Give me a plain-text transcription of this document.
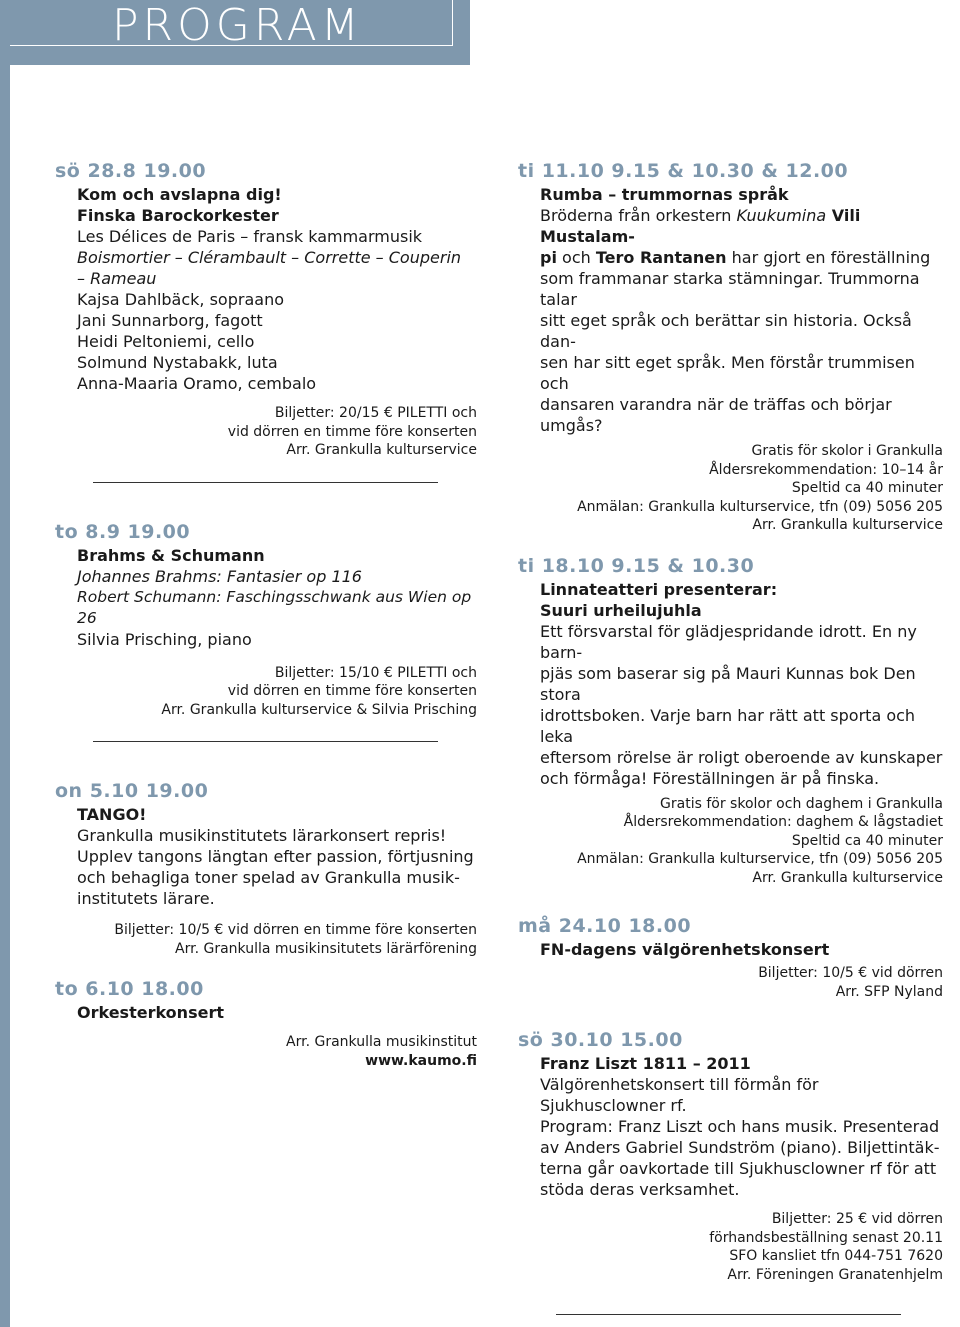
PROGRAM
sö 28.8 19.00
Kom och avslapna dig!
Finska Barockorkester
Les Délices de Paris – fransk kammarmusik
Boismortier – Clérambault – Corrette – Couperin
– Rameau
Kajsa Dahlbäck, sopraano
Jani Sunnarborg, fagott
Heidi Peltoniemi, cello
Solmund Nystabakk, luta
Anna-Maaria Oramo, cembalo
Biljetter: 20/15 € PILETTI och
vid dörren en timme före konserten
Arr. Grankulla kulturservice
to 8.9 19.00
Brahms & Schumann
Johannes Brahms: Fantasier op 116
Robert Schumann: Faschingsschwank aus Wien op 26
Silvia Prisching, piano
Biljetter: 15/10 € PILETTI och
vid dörren en timme före konserten
Arr. Grankulla kulturservice & Silvia Prisching
on 5.10 19.00
TANGO!
Grankulla musikinstitutets lärarkonsert repris!
Upplev tangons längtan efter passion, förtjusning
och behagliga toner spelad av Grankulla musik-
institutets lärare.
Biljetter: 10/5 € vid dörren en timme före konserten
Arr. Grankulla musikinsitutets lärärförening
to 6.10 18.00
Orkesterkonsert
Arr. Grankulla musikinstitut
www.kaumo.fi
ti 11.10 9.15 & 10.30 & 12.00
Rumba – trummornas språk
Bröderna från orkestern Kuukumina Vili Mustalam-
pi och Tero Rantanen har gjort en föreställning
som frammanar starka stämningar. Trummorna talar
sitt eget språk och berättar sin historia. Också dan-
sen har sitt eget språk. Men förstår trummisen och
dansaren varandra när de träffas och börjar umgås?
Gratis för skolor i Grankulla
Åldersrekommendation: 10–14 år
Speltid ca 40 minuter
Anmälan: Grankulla kulturservice, tfn (09) 5056 205
Arr. Grankulla kulturservice
ti 18.10 9.15 & 10.30
Linnateatteri presenterar:
Suuri urheilujuhla
Ett försvarstal för glädjespridande idrott. En ny barn-
pjäs som baserar sig på Mauri Kunnas bok Den stora
idrottsboken. Varje barn har rätt att sporta och leka
eftersom rörelse är roligt oberoende av kunskaper
och förmåga! Föreställningen är på finska.
Gratis för skolor och daghem i Grankulla
Åldersrekommendation: daghem & lågstadiet
Speltid ca 40 minuter
Anmälan: Grankulla kulturservice, tfn (09) 5056 205
Arr. Grankulla kulturservice
må 24.10 18.00
FN-dagens välgörenhetskonsert
Biljetter: 10/5 € vid dörren
Arr. SFP Nyland
sö 30.10 15.00
Franz Liszt 1811 – 2011
Välgörenhetskonsert till förmån för Sjukhusclowner rf.
Program: Franz Liszt och hans musik. Presenterad
av Anders Gabriel Sundström (piano). Biljettintäk-
terna går oavkortade till Sjukhusclowner rf för att
stöda deras verksamhet.
Biljetter: 25 € vid dörren
förhandsbeställning senast 20.11
SFO kansliet tfn 044-751 7620
Arr. Föreningen Granatenhjelm
